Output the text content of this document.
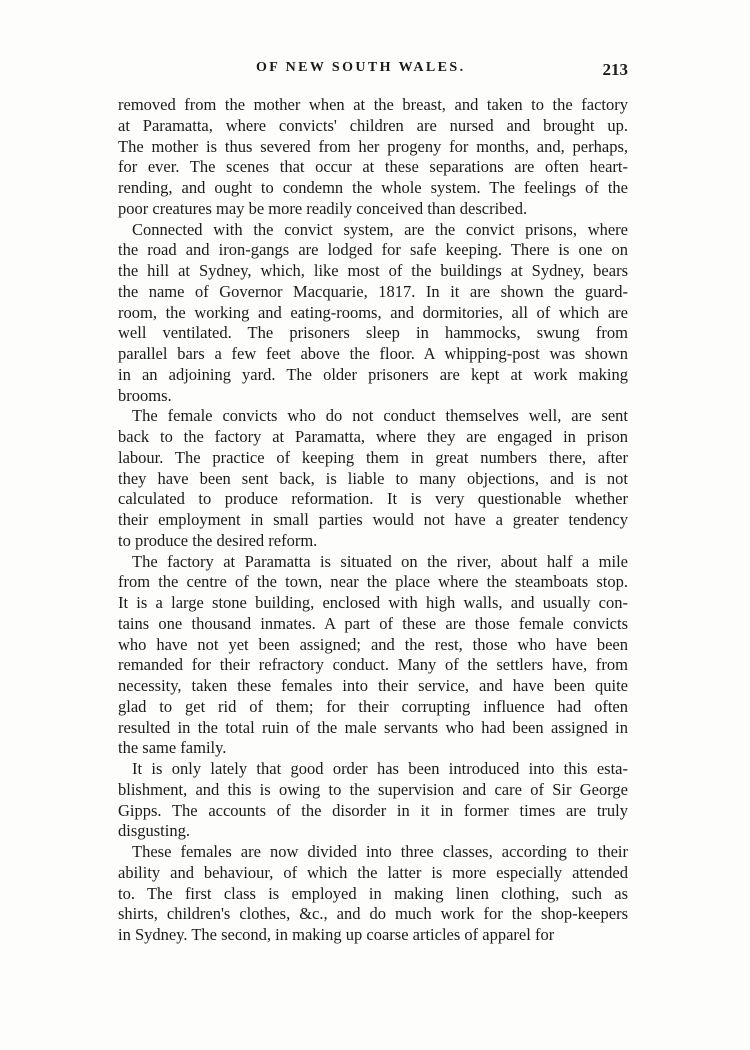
OF NEW SOUTH WALES.	213
removed from the mother when at the breast, and taken to the factory
at Paramatta, where convicts' children are nursed and brought up.
The mother is thus severed from her progeny for months, and, perhaps,
for ever. The scenes that occur at these separations are often heart-
rending, and ought to condemn the whole system. The feelings of the
poor creatures may be more readily conceived than described.
Connected with the convict system, are the convict prisons, where
the road and iron-gangs are lodged for safe keeping. There is one on
the hill at Sydney, which, like most of the buildings at Sydney, bears
the name of Governor Macquarie, 1817. In it are shown the guard-
room, the working and eating-rooms, and dormitories, all of which are
well ventilated. The prisoners sleep in hammocks, swung from
parallel bars a few feet above the floor. A whipping-post was shown
in an adjoining yard. The older prisoners are kept at work making
brooms.
The female convicts who do not conduct themselves well, are sent
back to the factory at Paramatta, where they are engaged in prison
labour. The practice of keeping them in great numbers there, after
they have been sent back, is liable to many objections, and is not
calculated to produce reformation. It is very questionable whether
their employment in small parties would not have a greater tendency
to produce the desired reform.
The factory at Paramatta is situated on the river, about half a mile
from the centre of the town, near the place where the steamboats stop.
It is a large stone building, enclosed with high walls, and usually con-
tains one thousand inmates. A part of these are those female convicts
who have not yet been assigned; and the rest, those who have been
remanded for their refractory conduct. Many of the settlers have, from
necessity, taken these females into their service, and have been quite
glad to get rid of them; for their corrupting influence had often
resulted in the total ruin of the male servants who had been assigned in
the same family.
It is only lately that good order has been introduced into this esta-
blishment, and this is owing to the supervision and care of Sir George
Gipps. The accounts of the disorder in it in former times are truly
disgusting.
These females are now divided into three classes, according to their
ability and behaviour, of which the latter is more especially attended
to. The first class is employed in making linen clothing, such as
shirts, children's clothes, &c., and do much work for the shop-keepers
in Sydney. The second, in making up coarse articles of apparel for
